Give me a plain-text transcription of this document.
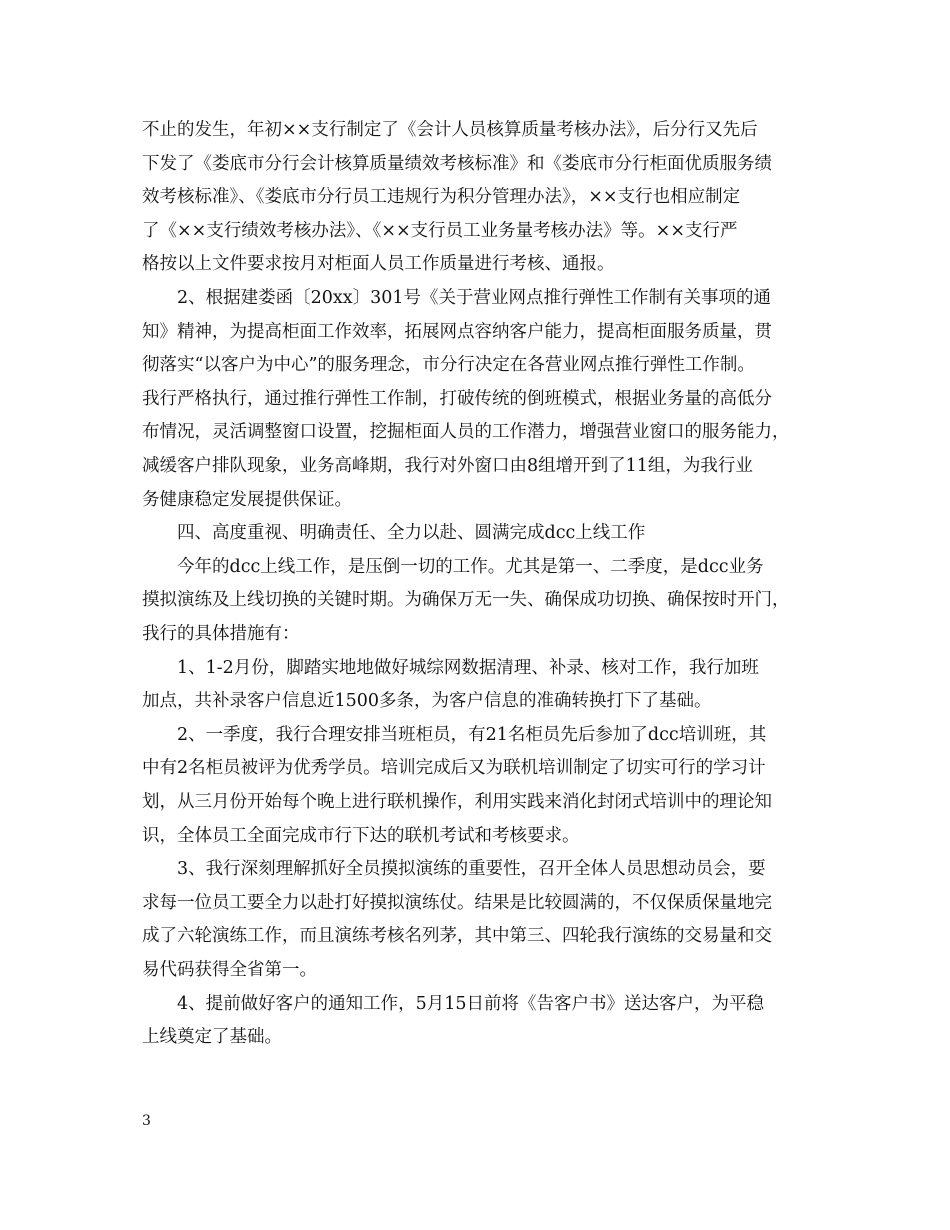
不止的发生，年初××支行制定了《会计人员核算质量考核办法》，后分行又先后
下发了《娄底市分行会计核算质量绩效考核标准》和《娄底市分行柜面优质服务绩
效考核标准》、《娄底市分行员工违规行为积分管理办法》，××支行也相应制定
了《××支行绩效考核办法》、《××支行员工业务量考核办法》等。××支行严
格按以上文件要求按月对柜面人员工作质量进行考核、通报。
2、根据建娄函〔20xx〕301号《关于营业网点推行弹性工作制有关事项的通
知》精神，为提高柜面工作效率，拓展网点容纳客户能力，提高柜面服务质量，贯
彻落实“以客户为中心”的服务理念，市分行决定在各营业网点推行弹性工作制。
我行严格执行，通过推行弹性工作制，打破传统的倒班模式，根据业务量的高低分
布情况，灵活调整窗口设置，挖掘柜面人员的工作潜力，增强营业窗口的服务能力，
减缓客户排队现象，业务高峰期，我行对外窗口由8组增开到了11组，为我行业
务健康稳定发展提供保证。
四、高度重视、明确责任、全力以赴、圆满完成dcc上线工作
今年的dcc上线工作，是压倒一切的工作。尤其是第一、二季度，是dcc业务
摸拟演练及上线切换的关键时期。为确保万无一失、确保成功切换、确保按时开门，
我行的具体措施有：
1、1-2月份，脚踏实地地做好城综网数据清理、补录、核对工作，我行加班
加点，共补录客户信息近1500多条，为客户信息的准确转换打下了基础。
2、一季度，我行合理安排当班柜员，有21名柜员先后参加了dcc培训班，其
中有2名柜员被评为优秀学员。培训完成后又为联机培训制定了切实可行的学习计
划，从三月份开始每个晚上进行联机操作，利用实践来消化封闭式培训中的理论知
识，全体员工全面完成市行下达的联机考试和考核要求。
3、我行深刻理解抓好全员摸拟演练的重要性，召开全体人员思想动员会，要
求每一位员工要全力以赴打好摸拟演练仗。结果是比较圆满的，不仅保质保量地完
成了六轮演练工作，而且演练考核名列茅，其中第三、四轮我行演练的交易量和交
易代码获得全省第一。
4、提前做好客户的通知工作，5月15日前将《告客户书》送达客户，为平稳
上线奠定了基础。
3
